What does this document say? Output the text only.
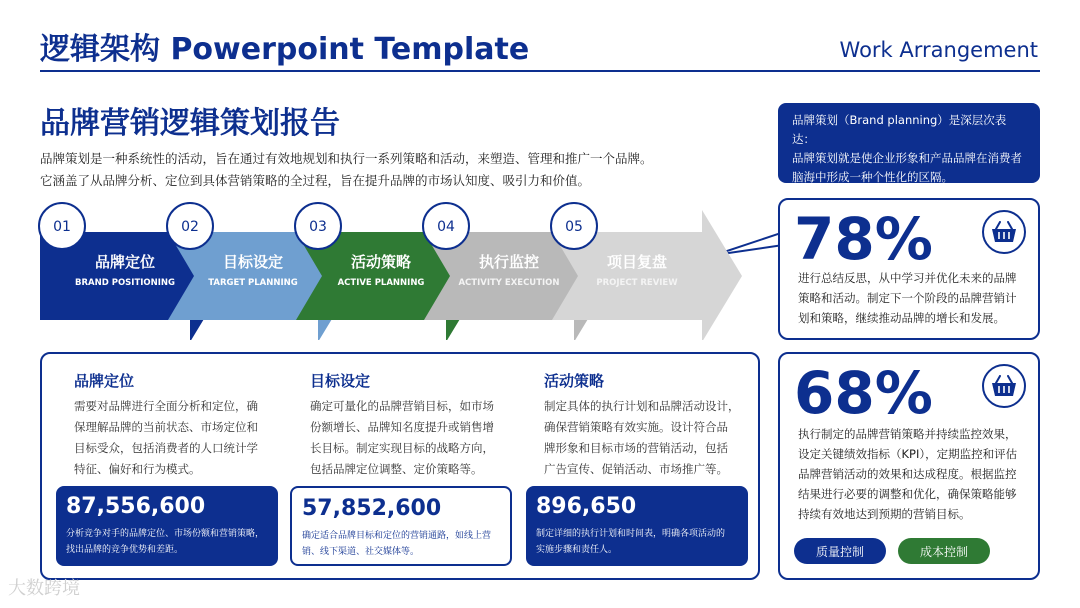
逻辑架构 Powerpoint Template	Work Arrangement
品牌营销逻辑策划报告

品牌策划是一种系统性的活动，旨在通过有效地规划和执行一系列策略和活动，来塑造、管理和推广一个品牌。

它涵盖了从品牌分析、定位到具体营销策略的全过程，旨在提升品牌的市场认知度、吸引力和价值。

品牌策划（Brand planning）是深层次表达：

品牌策划就是使企业形象和产品品牌在消费者

脑海中形成一种个性化的区隔。

01
品牌定位
BRAND POSITIONING
02
目标设定
TARGET PLANNING
03
活动策略
ACTIVE PLANNING
04
执行监控
ACTIVITY EXECUTION
05
项目复盘
PROJECT REVIEW
78%

进行总结反思，从中学习并优化未来的品牌

策略和活动。制定下一个阶段的品牌营销计

划和策略，继续推动品牌的增长和发展。

68%

执行制定的品牌营销策略并持续监控效果，

设定关键绩效指标（KPI），定期监控和评估

品牌营销活动的效果和达成程度。根据监控

结果进行必要的调整和优化，确保策略能够

持续有效地达到预期的营销目标。

质量控制	成本控制
品牌定位

需要对品牌进行全面分析和定位，确

保理解品牌的当前状态、市场定位和

目标受众，包括消费者的人口统计学

特征、偏好和行为模式。

87,556,600

分析竞争对手的品牌定位、市场份额和营销策略，

找出品牌的竞争优势和差距。

目标设定

确定可量化的品牌营销目标，如市场

份额增长、品牌知名度提升或销售增

长目标。制定实现目标的战略方向，

包括品牌定位调整、定价策略等。

57,852,600

确定适合品牌目标和定位的营销通路，如线上营

销、线下渠道、社交媒体等。

活动策略

制定具体的执行计划和品牌活动设计，

确保营销策略有效实施。设计符合品

牌形象和目标市场的营销活动，包括

广告宣传、促销活动、市场推广等。

896,650

制定详细的执行计划和时间表，明确各项活动的

实施步骤和责任人。

大数跨境
